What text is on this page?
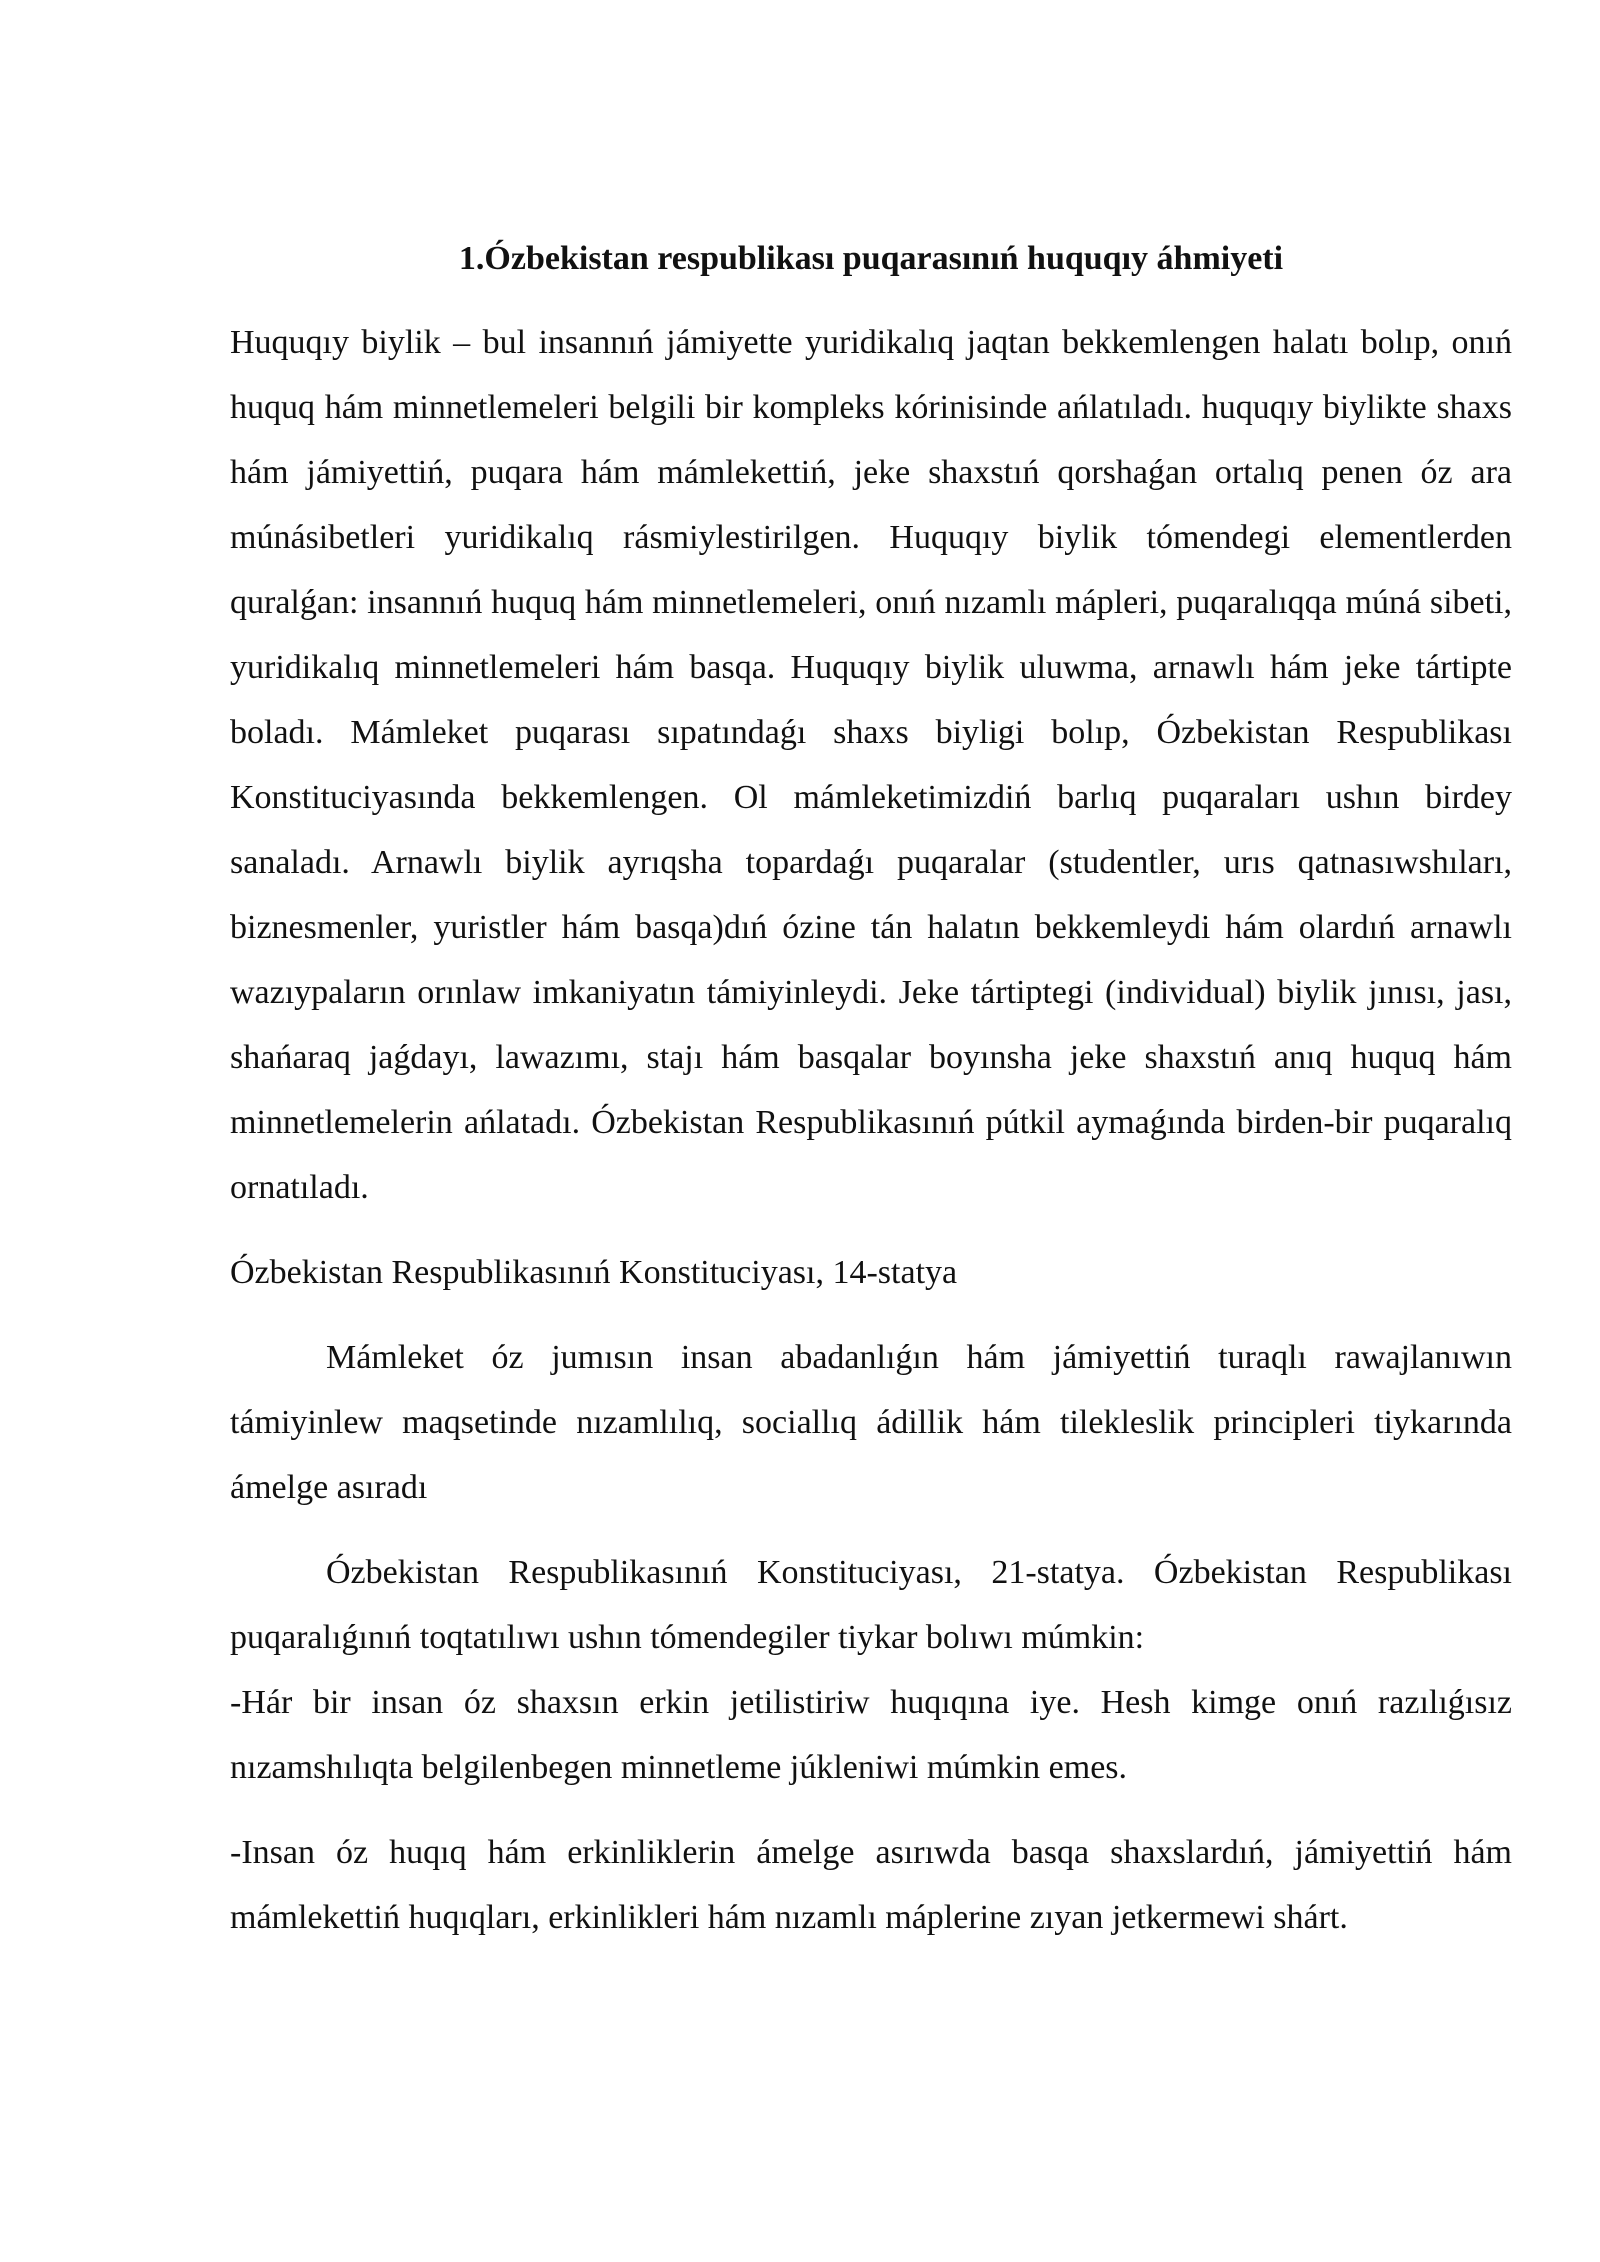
1.Ózbekistan respublikası puqarasınıń huquqıy áhmiyeti

Huquqıy biylik – bul insannıń jámiyette yuridikalıq jaqtan bekkemlengen halatı bolıp, onıń huquq hám minnetlemeleri belgili bir kompleks kórinisinde ańlatıladı. huquqıy biylikte shaxs hám jámiyettiń, puqara hám mámlekettiń, jeke shaxstıń qorshaǵan ortalıq penen óz ara múnásibetleri yuridikalıq rásmiylestirilgen. Huquqıy biylik tómendegi elementlerden quralǵan: insannıń huquq hám minnetlemeleri, onıń nızamlı mápleri, puqaralıqqa múná sibeti, yuridikalıq minnetlemeleri hám basqa. Huquqıy biylik uluwma, arnawlı hám jeke tártipte boladı. Mámleket puqarası sıpatındaǵı shaxs biyligi bolıp, Ózbekistan Respublikası Konstituciyasında bekkemlengen. Ol mámleketimizdiń barlıq puqaraları ushın birdey sanaladı. Arnawlı biylik ayrıqsha topardaǵı puqaralar (studentler, urıs qatnasıwshıları, biznesmenler, yuristler hám basqa)dıń ózine tán halatın bekkemleydi hám olardıń arnawlı wazıypaların orınlaw imkaniyatın támiyinleydi. Jeke tártiptegi (individual) biylik jınısı, jası, shańaraq jaǵdayı, lawazımı, stajı hám basqalar boyınsha jeke shaxstıń anıq huquq hám minnetlemelerin ańlatadı. Ózbekistan Respublikasınıń pútkil aymaǵında birden-bir puqaralıq ornatıladı.

Ózbekistan Respublikasınıń Konstituciyası, 14-statya

Mámleket óz jumısın insan abadanlıǵın hám jámiyettiń turaqlı rawajlanıwın támiyinlew maqsetinde nızamlılıq, sociallıq ádillik hám tilekleslik principleri tiykarında ámelge asıradı

Ózbekistan Respublikasınıń Konstituciyası, 21-statya. Ózbekistan Respublikası puqaralıǵınıń toqtatılıwı ushın tómendegiler tiykar bolıwı múmkin:
-Hár bir insan óz shaxsın erkin jetilistiriw huqıqına iye. Hesh kimge onıń razılıǵısız nızamshılıqta belgilenbegen minnetleme júkleniwi múmkin emes.

-Insan óz huqıq hám erkinliklerin ámelge asırıwda basqa shaxslardıń, jámiyettiń hám mámlekettiń huqıqları, erkinlikleri hám nızamlı máplerine zıyan jetkermewi shárt.
